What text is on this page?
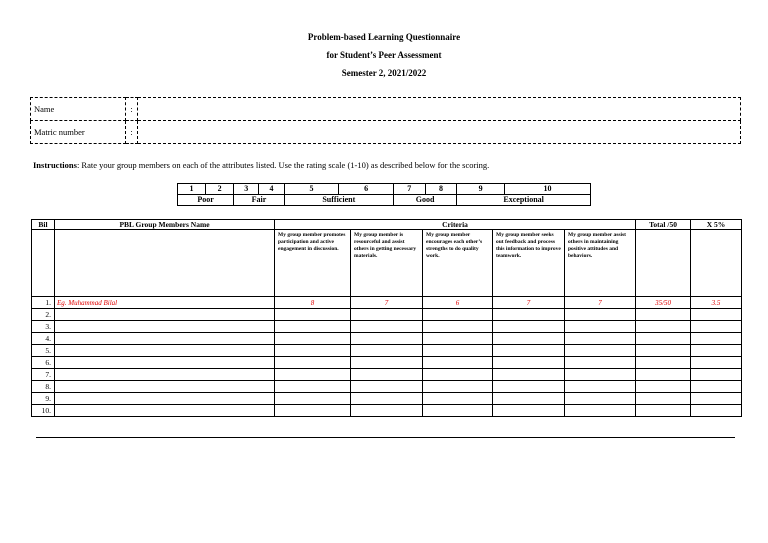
Problem-based Learning Questionnaire
for Student’s Peer Assessment
Semester 2, 2021/2022
Name	:	
Matric number	:	
Instructions: Rate your group members on each of the attributes listed. Use the rating scale (1-10) as described below for the scoring.
1	2	3	4	5	6	7	8	9	10
Poor		Fair		Sufficient		Good		Exceptional	
Bil	PBL Group Members Name	Criteria					Total /50	X 5%
		My group member promotes participation and active engagement in discussion.	My group member is resourceful and assist others in getting necessary materials.	My group member encourages each other’s strengths to do quality work.	My group member seeks out feedback and process this information to improve teamwork.	My group member assist others in maintaining positive attitudes and behaviors.		
1.	Eg. Muhammad Bilal	8	7	6	7	7	35/50	3.5
2.								
3.								
4.								
5.								
6.								
7.								
8.								
9.								
10.								
